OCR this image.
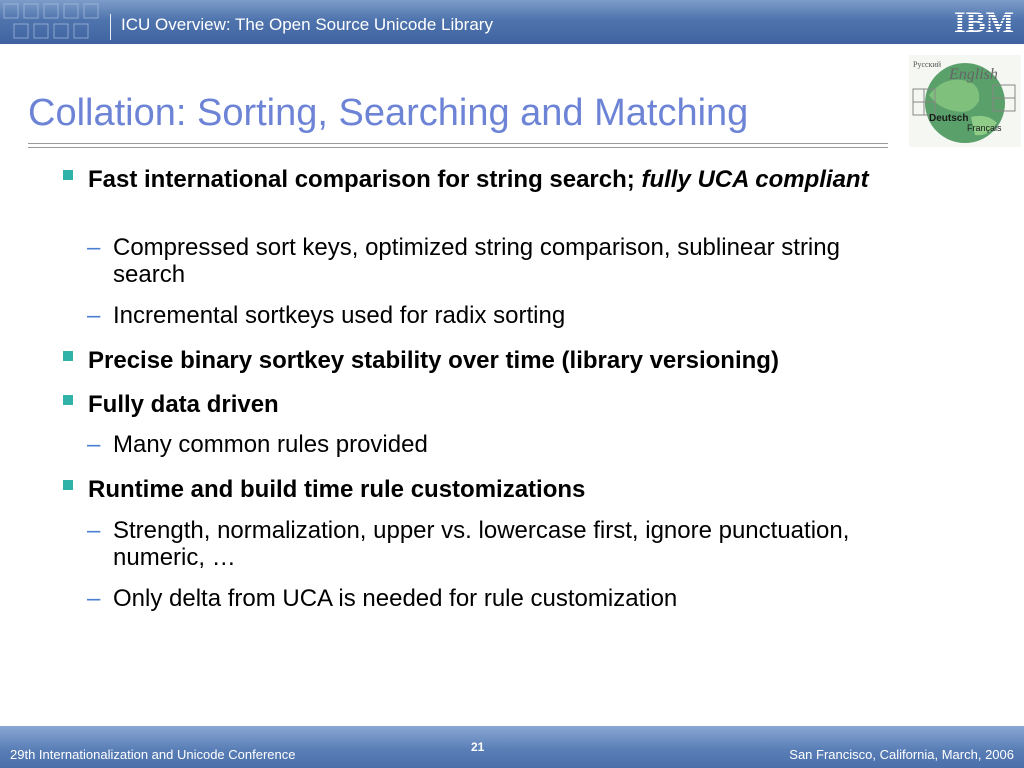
ICU Overview: The Open Source Unicode Library	IBM
Collation: Sorting, Searching and Matching
Русский
English
Deutsch
Français
Fast international comparison for string search; fully UCA compliant
– Compressed sort keys, optimized string comparison, sublinear string search
– Incremental sortkeys used for radix sorting
Precise binary sortkey stability over time (library versioning)
Fully data driven
– Many common rules provided
Runtime and build time rule customizations
– Strength, normalization, upper vs. lowercase first, ignore punctuation, numeric, …
– Only delta from UCA is needed for rule customization
29th Internationalization and Unicode Conference	21	San Francisco, California, March, 2006
